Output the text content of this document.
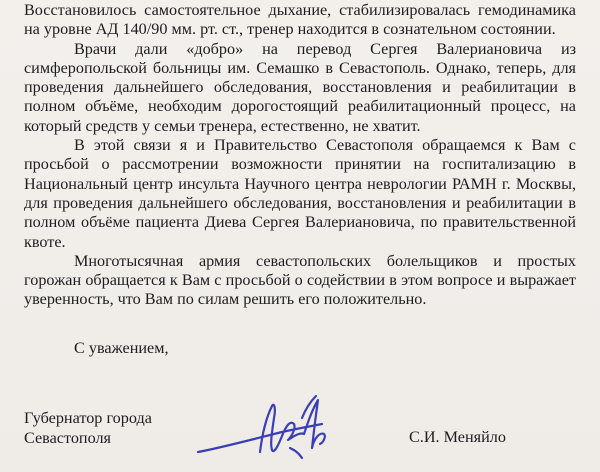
Восстановилось самостоятельное дыхание, стабилизировалась гемодинамика на уровне АД 140/90 мм. рт. ст., тренер находится в сознательном состоянии.

Врачи дали «добро» на перевод Сергея Валериановича из симферопольской больницы им. Семашко в Севастополь. Однако, теперь, для проведения дальнейшего обследования, восстановления и реабилитации в полном объёме, необходим дорогостоящий реабилитационный процесс, на который средств у семьи тренера, естественно, не хватит.

В этой связи я и Правительство Севастополя обращаемся к Вам с просьбой о рассмотрении возможности принятии на госпитализацию в Национальный центр инсульта Научного центра неврологии РАМН г. Москвы, для проведения дальнейшего обследования, восстановления и реабилитации в полном объёме пациента Диева Сергея Валериановича, по правительственной квоте.

Многотысячная армия севастопольских болельщиков и простых горожан обращается к Вам с просьбой о содействии в этом вопросе и выражает уверенность, что Вам по силам решить его положительно.

С уважением,
Губернатор города
Севастополя	С.И. Меняйло
